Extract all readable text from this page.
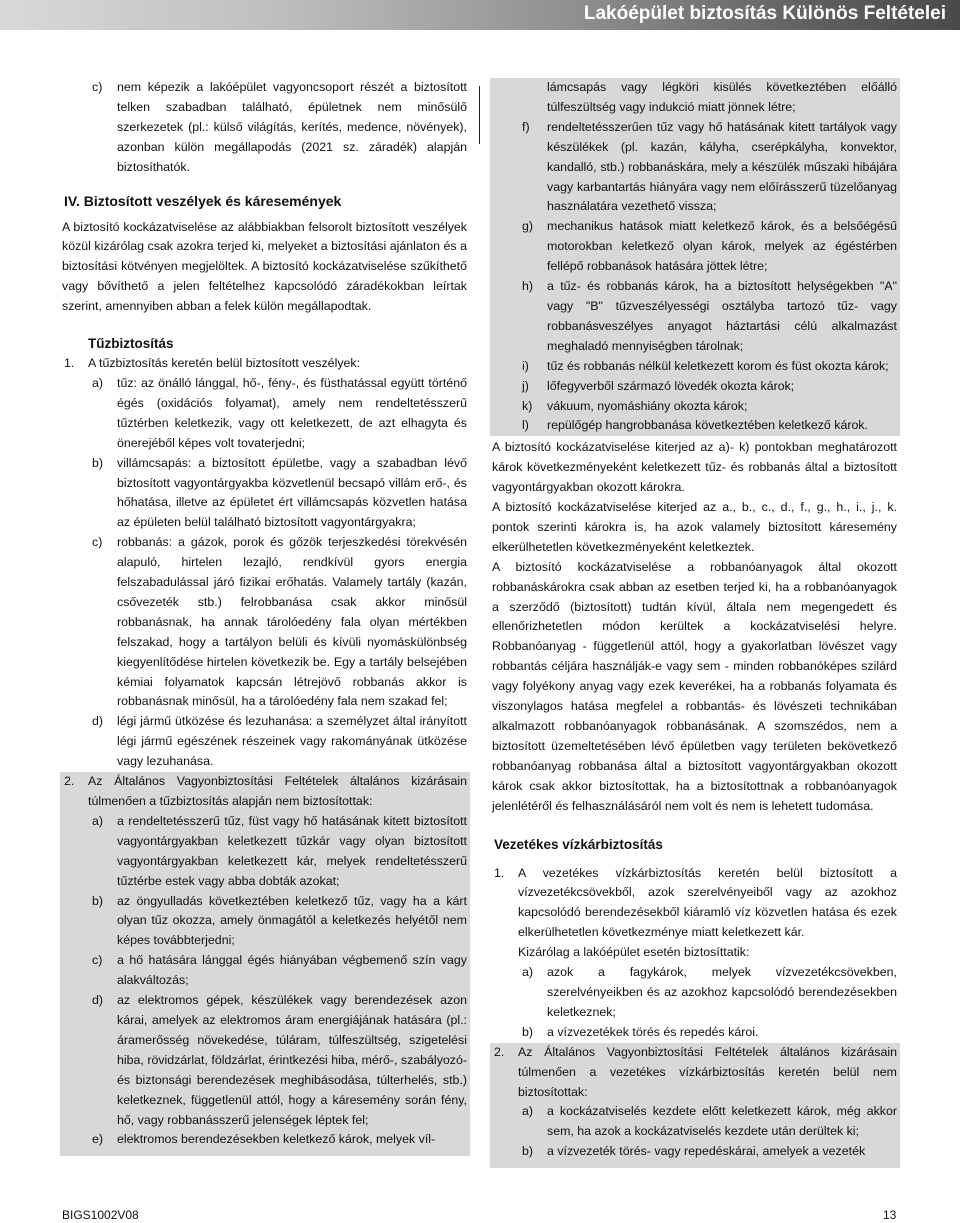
Lakóépület biztosítás Különös Feltételei
c) nem képezik a lakóépület vagyoncsoport részét a biztosított telken szabadban található, épületnek nem minősülő szerkezetek (pl.: külső világítás, kerítés, medence, növények), azonban külön megállapodás (2021 sz. záradék) alapján biztosíthatók.
IV. Biztosított veszélyek és káresemények
A biztosító kockázatviselése az alábbiakban felsorolt biztosított veszélyek közül kizárólag csak azokra terjed ki, melyeket a biztosítási ajánlaton és a biztosítási kötvényen megjelöltek. A biztosító kockázatviselése szűkíthető vagy bővíthető a jelen feltételhez kapcsolódó záradékokban leírtak szerint, amennyiben abban a felek külön megállapodtak.
Tűzbiztosítás
1. A tűzbiztosítás keretén belül biztosított veszélyek:
a) tűz: az önálló lánggal, hő-, fény-, és füsthatással együtt történő égés (oxidációs folyamat), amely nem rendeltetésszerű tűztérben keletkezik, vagy ott keletkezett, de azt elhagyta és önerejéből képes volt tovaterjedni;
b) villámcsapás: a biztosított épületbe, vagy a szabadban lévő biztosított vagyontárgyakba közvetlenül becsapó villám erő-, és hőhatása, illetve az épületet ért villámcsapás közvetlen hatása az épületen belül található biztosított vagyontárgyakra;
c) robbanás: a gázok, porok és gőzök terjeszkedési törekvésén alapuló, hirtelen lezajló, rendkívül gyors energia felszabadulással járó fizikai erőhatás. Valamely tartály (kazán, csővezeték stb.) felrobbanása csak akkor minősül robbanásnak, ha annak tárolóedény fala olyan mértékben felszakad, hogy a tartályon belüli és kívüli nyomáskülönbség kiegyenlítődése hirtelen következik be. Egy a tartály belsejében kémiai folyamatok kapcsán létrejövő robbanás akkor is robbanásnak minősül, ha a tárolóedény fala nem szakad fel;
d) légi jármű ütközése és lezuhanása: a személyzet által irányított légi jármű egészének részeinek vagy rakományának ütközése vagy lezuhanása.
2. Az Általános Vagyonbiztosítási Feltételek általános kizárásain túlmenően a tűzbiztosítás alapján nem biztosítottak:
a) a rendeltetésszerű tűz, füst vagy hő hatásának kitett biztosított vagyontárgyakban keletkezett tűzkár vagy olyan biztosított vagyontárgyakban keletkezett kár, melyek rendeltetésszerű tűztérbe estek vagy abba dobták azokat;
b) az öngyulladás következtében keletkező tűz, vagy ha a kárt olyan tűz okozza, amely önmagától a keletkezés helyétől nem képes továbbterjedni;
c) a hő hatására lánggal égés hiányában végbemenő szín vagy alakváltozás;
d) az elektromos gépek, készülékek vagy berendezések azon kárai, amelyek az elektromos áram energiájának hatására (pl.: áramerősség növekedése, túláram, túlfeszültség, szigetelési hiba, rövidzárlat, földzárlat, érintkezési hiba, mérő-, szabályozó- és biztonsági berendezések meghibásodása, túlterhelés, stb.) keletkeznek, függetlenül attól, hogy a káresemény során fény, hő, vagy robbanásszerű jelenségek léptek fel;
e) elektromos berendezésekben keletkező károk, melyek víl-
lámcsapás vagy légköri kisülés következtében előálló túlfeszültség vagy indukció miatt jönnek létre;
f) rendeltetésszerűen tűz vagy hő hatásának kitett tartályok vagy készülékek (pl. kazán, kályha, cserépkályha, konvektor, kandalló, stb.) robbanáskára, mely a készülék műszaki hibájára vagy karbantartás hiányára vagy nem előírásszerű tüzelőanyag használatára vezethető vissza;
g) mechanikus hatások miatt keletkező károk, és a belsőégésű motorokban keletkező olyan károk, melyek az égéstérben fellépő robbanások hatására jöttek létre;
h) a tűz- és robbanás károk, ha a biztosított helységekben "A" vagy "B" tűzveszélyességi osztályba tartozó tűz- vagy robbanásveszélyes anyagot háztartási célú alkalmazást meghaladó mennyiségben tárolnak;
i) tűz és robbanás nélkül keletkezett korom és füst okozta károk;
j) lőfegyverből származó lövedék okozta károk;
k) vákuum, nyomáshiány okozta károk;
l) repülőgép hangrobbanása következtében keletkező károk.
A biztosító kockázatviselése kiterjed az a)- k) pontokban meghatározott károk következményeként keletkezett tűz- és robbanás által a biztosított vagyontárgyakban okozott károkra.
A biztosító kockázatviselése kiterjed az a., b., c., d., f., g., h., i., j., k. pontok szerinti károkra is, ha azok valamely biztosított káresemény elkerülhetetlen következményeként keletkeztek.
A biztosító kockázatviselése a robbanóanyagok által okozott robbanáskárokra csak abban az esetben terjed ki, ha a robbanóanyagok a szerződő (biztosított) tudtán kívül, általa nem megengedett és ellenőrizhetetlen módon kerültek a kockázatviselési helyre. Robbanóanyag - függetlenül attól, hogy a gyakorlatban lövészet vagy robbantás céljára használják-e vagy sem - minden robbanóképes szilárd vagy folyékony anyag vagy ezek keverékei, ha a robbanás folyamata és viszonylagos hatása megfelel a robbantás- és lövészeti technikában alkalmazott robbanóanyagok robbanásának. A szomszédos, nem a biztosított üzemeltetésében lévő épületben vagy területen bekövetkező robbanóanyag robbanása által a biztosított vagyontárgyakban okozott károk csak akkor biztosítottak, ha a biztosítottnak a robbanóanyagok jelenlétéről és felhasználásáról nem volt és nem is lehetett tudomása.
Vezetékes vízkárbiztosítás
1. A vezetékes vízkárbiztosítás keretén belül biztosított a vízvezetékcsövekből, azok szerelvényeiből vagy az azokhoz kapcsolódó berendezésekből kiáramló víz közvetlen hatása és ezek elkerülhetetlen következménye miatt keletkezett kár.
Kizárólag a lakóépület esetén biztosíttatik:
a) azok a fagykárok, melyek vízvezetékcsövekben, szerelvényeikben és az azokhoz kapcsolódó berendezésekben keletkeznek;
b) a vízvezetékek törés és repedés károi.
2. Az Általános Vagyonbiztosítási Feltételek általános kizárásain túlmenően a vezetékes vízkárbiztosítás keretén belül nem biztosítottak:
a) a kockázatviselés kezdete előtt keletkezett károk, még akkor sem, ha azok a kockázatviselés kezdete után derültek ki;
b) a vízvezeték törés- vagy repedéskárai, amelyek a vezeték
BIGS1002V08	13
